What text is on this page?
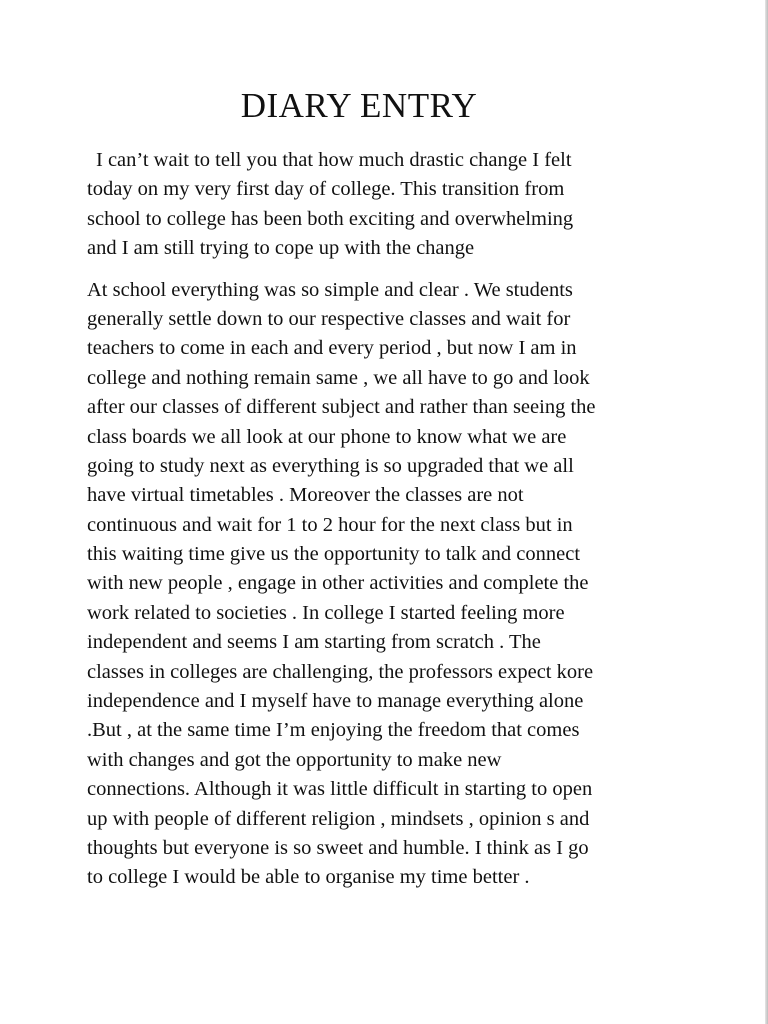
DIARY ENTRY
I can’t wait to tell you that how much drastic change I felt
today on my very first day of college. This transition from
school to college has been both exciting and overwhelming
and I am still trying to cope up with the change
At school everything was so simple and clear . We students
generally settle down to our respective classes and wait for
teachers to come in each and every period , but now I am in
college and nothing remain same , we all have to go and look
after our classes of different subject and rather than seeing the
class boards we all look at our phone to know what we are
going to study next as everything is so upgraded that we all
have virtual timetables . Moreover the classes are not
continuous and wait for 1 to 2 hour for the next class but in
this waiting time give us the opportunity to talk and connect
with new people , engage in other activities and complete the
work related to societies . In college I started feeling more
independent and seems I am starting from scratch . The
classes in colleges are challenging, the professors expect kore
independence and I myself have to manage everything alone
.But , at the same time I’m enjoying the freedom that comes
with changes and got the opportunity to make new
connections. Although it was little difficult in starting to open
up with people of different religion , mindsets , opinion s and
thoughts but everyone is so sweet and humble. I think as I go
to college I would be able to organise my time better .
